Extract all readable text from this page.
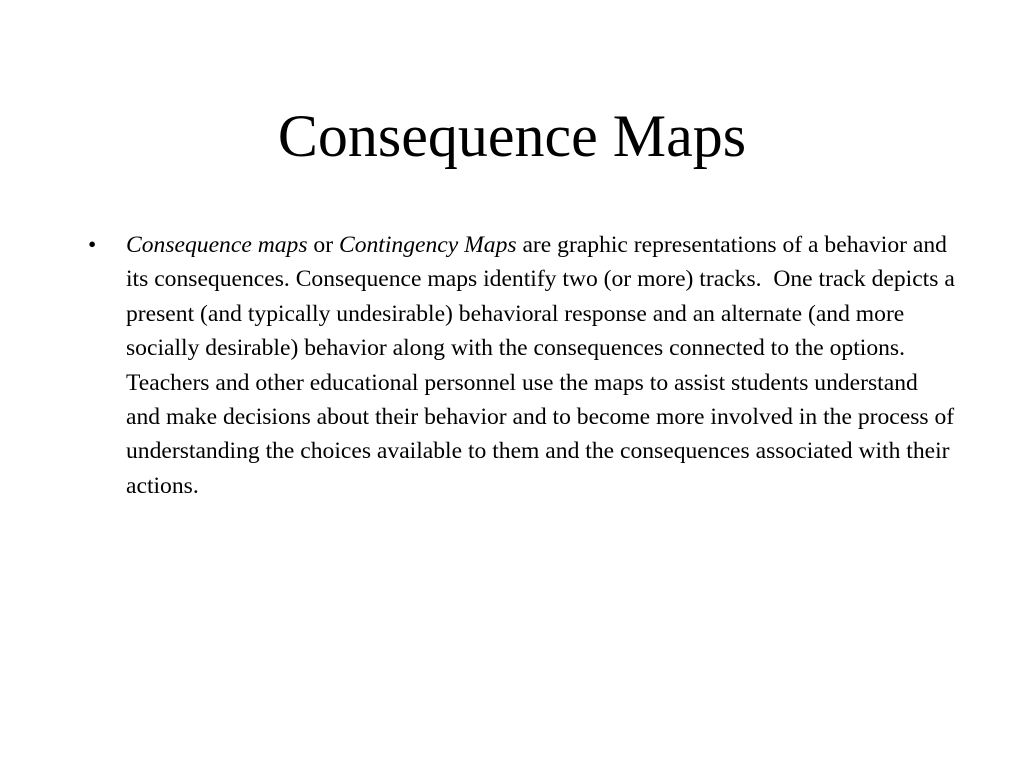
Consequence Maps
• Consequence maps or Contingency Maps are graphic representations of a behavior and its consequences. Consequence maps identify two (or more) tracks.  One track depicts a present (and typically undesirable) behavioral response and an alternate (and more socially desirable) behavior along with the consequences connected to the options.  Teachers and other educational personnel use the maps to assist students understand and make decisions about their behavior and to become more involved in the process of understanding the choices available to them and the consequences associated with their actions.
